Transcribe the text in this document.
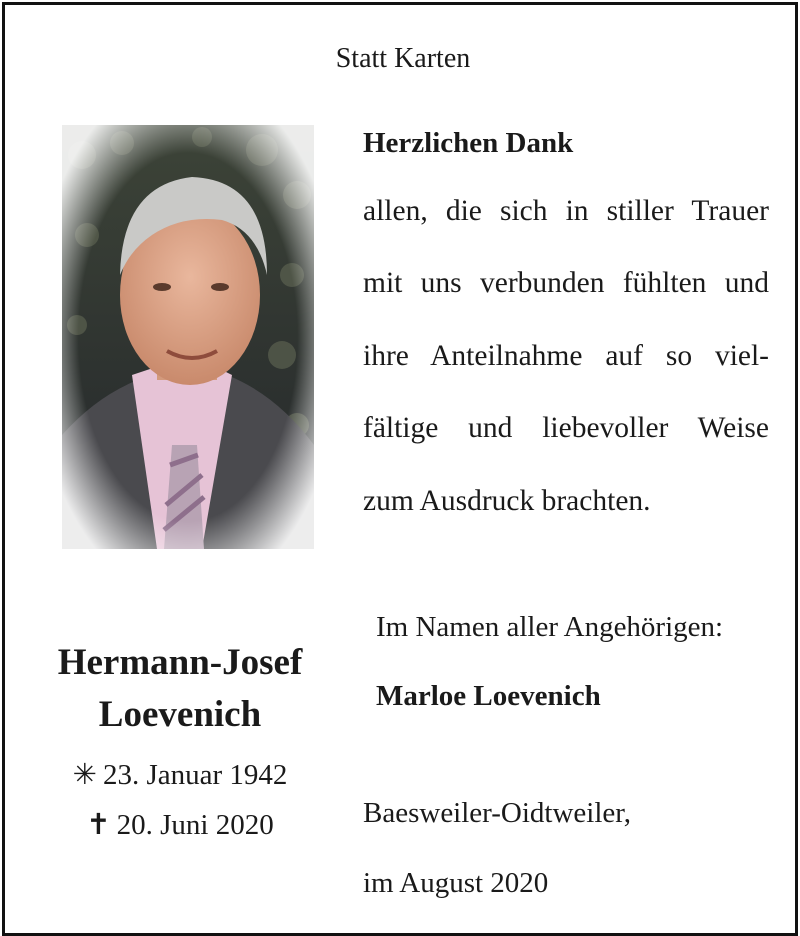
Statt Karten
Herzlichen Dank
allen, die sich in stiller Trauer
mit uns verbunden fühlten und
ihre Anteilnahme auf so viel-
fältige und liebevoller Weise
zum Ausdruck brachten.
Hermann-Josef
Loevenich
✳ 23. Januar 1942
✝ 20. Juni 2020
Im Namen aller Angehörigen:
Marloe Loevenich
Baesweiler-Oidtweiler,
im August 2020
